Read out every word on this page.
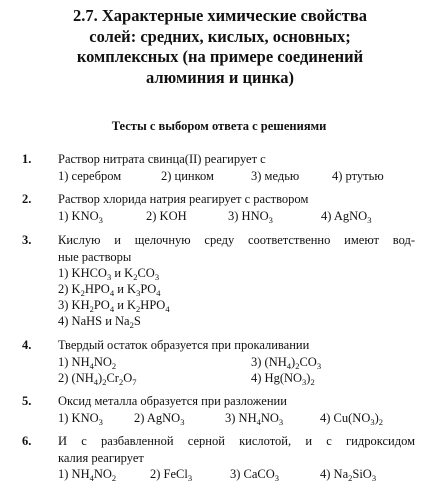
2.7. Характерные химические свойства
солей: средних, кислых, основных;
комплексных (на примере соединений
алюминия и цинка)
Тесты с выбором ответа с решениями
1. Раствор нитрата свинца(II) реагирует с
1) серебром	2) цинком	3) медью	4) ртутью
2. Раствор хлорида натрия реагирует с раствором
1) $KNO_3$	2) KOH	3) $HNO_3$	4) AgNO$_3$
3. Кислую и щелочную среду соответственно имеют вод-
ные растворы
1) $KHCO_3$ и $K_2CO_3$
2) $K_2HPO_4$ и $K_3PO_4$
3) $KH_2PO_4$ и $K_2HPO_4$
4) NaHS и $Na_2S$
4. Твердый остаток образуется при прокаливании
1) $NH_4NO_2$	3) $(NH_4)_2CO_3$
2) $(NH_4)_2Cr_2O_7$	4) $Hg(NO_3)_2$
5. Оксид металла образуется при разложении
1) $KNO_3$ 2) AgNO$_3$	3) $NH_4NO_3$	4) $Cu(NO_3)_2$
6. И с разбавленной серной кислотой, и с гидроксидом
калия реагирует
1) $NH_4NO_2$	2) FeCl$_3$	3) CaCO$_3$	4) $Na_2SiO_3$
